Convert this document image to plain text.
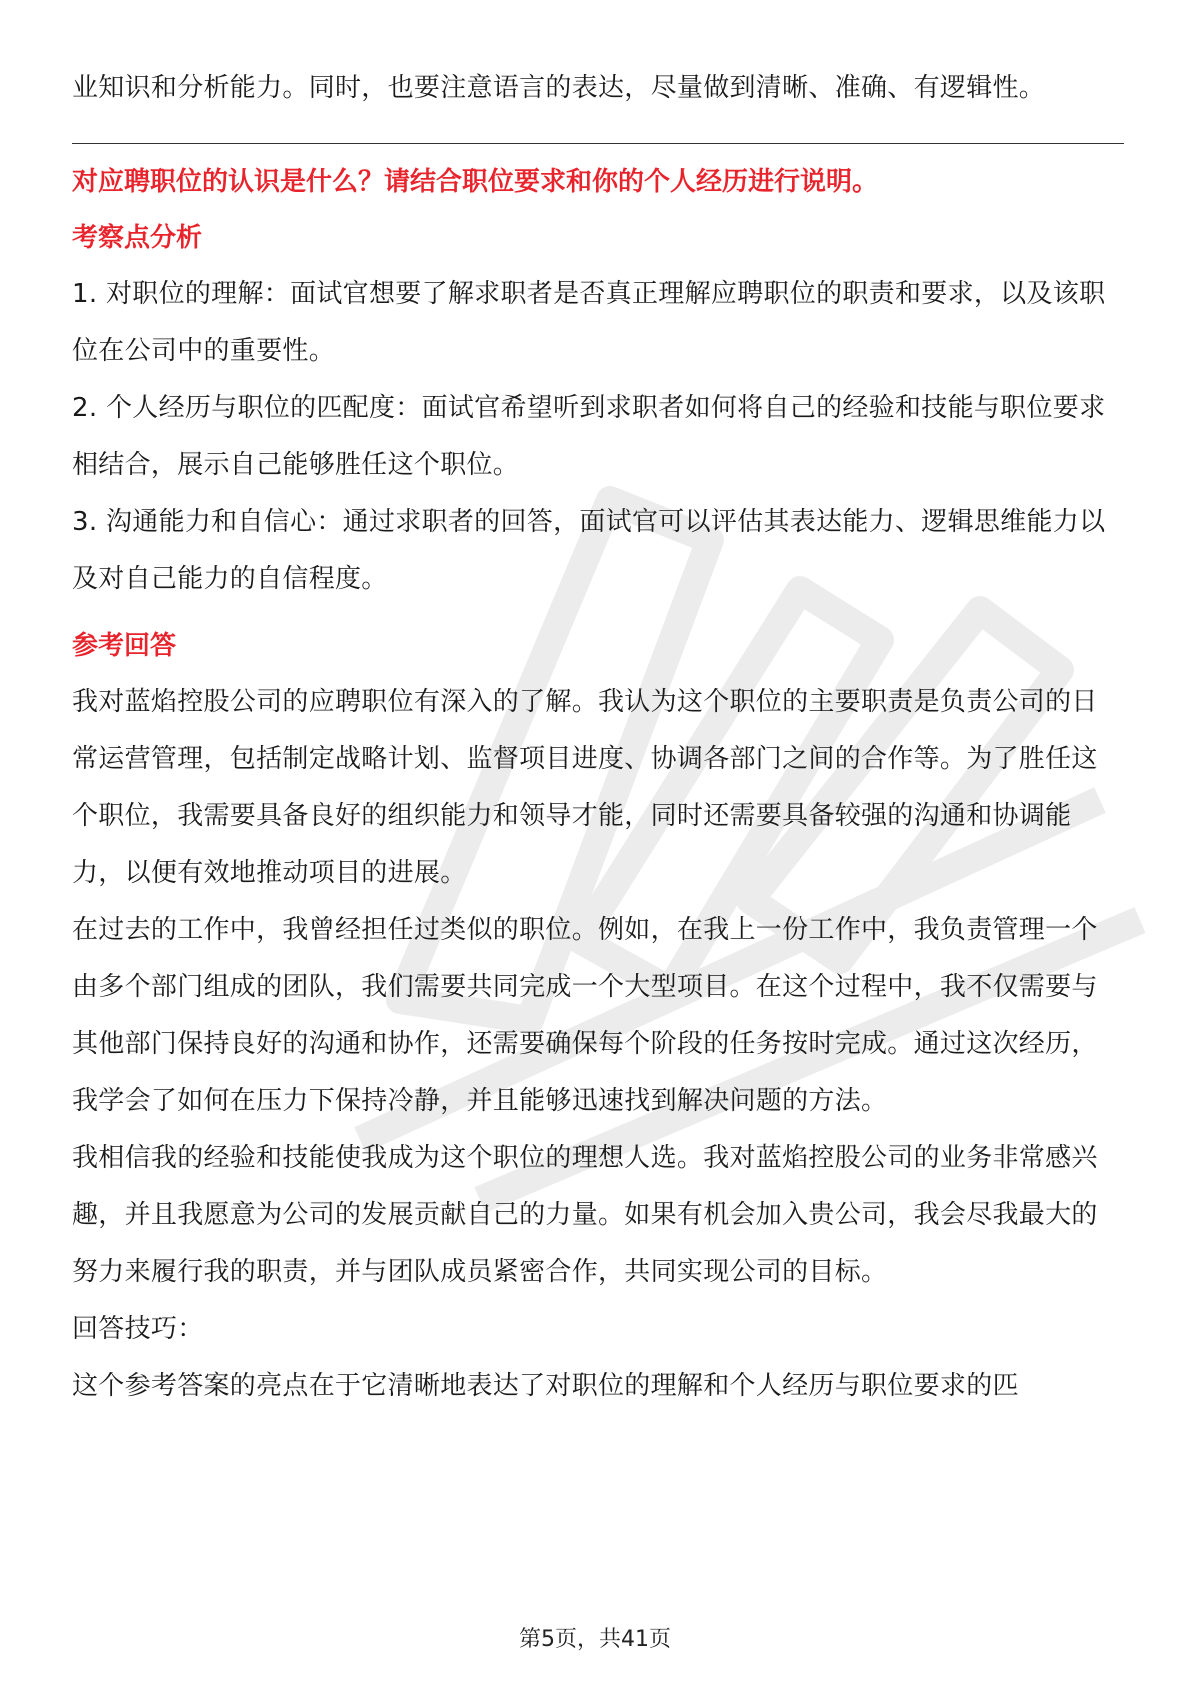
业知识和分析能力。同时，也要注意语言的表达，尽量做到清晰、准确、有逻辑性。

对应聘职位的认识是什么？请结合职位要求和你的个人经历进行说明。

考察点分析

1. 对职位的理解：面试官想要了解求职者是否真正理解应聘职位的职责和要求，以及该职位在公司中的重要性。

2. 个人经历与职位的匹配度：面试官希望听到求职者如何将自己的经验和技能与职位要求相结合，展示自己能够胜任这个职位。

3. 沟通能力和自信心：通过求职者的回答，面试官可以评估其表达能力、逻辑思维能力以及对自己能力的自信程度。

参考回答

我对蓝焰控股公司的应聘职位有深入的了解。我认为这个职位的主要职责是负责公司的日常运营管理，包括制定战略计划、监督项目进度、协调各部门之间的合作等。为了胜任这个职位，我需要具备良好的组织能力和领导才能，同时还需要具备较强的沟通和协调能力，以便有效地推动项目的进展。

在过去的工作中，我曾经担任过类似的职位。例如，在我上一份工作中，我负责管理一个由多个部门组成的团队，我们需要共同完成一个大型项目。在这个过程中，我不仅需要与其他部门保持良好的沟通和协作，还需要确保每个阶段的任务按时完成。通过这次经历，我学会了如何在压力下保持冷静，并且能够迅速找到解决问题的方法。

我相信我的经验和技能使我成为这个职位的理想人选。我对蓝焰控股公司的业务非常感兴趣，并且我愿意为公司的发展贡献自己的力量。如果有机会加入贵公司，我会尽我最大的努力来履行我的职责，并与团队成员紧密合作，共同实现公司的目标。

回答技巧：

这个参考答案的亮点在于它清晰地表达了对职位的理解和个人经历与职位要求的匹

第5页，共41页
